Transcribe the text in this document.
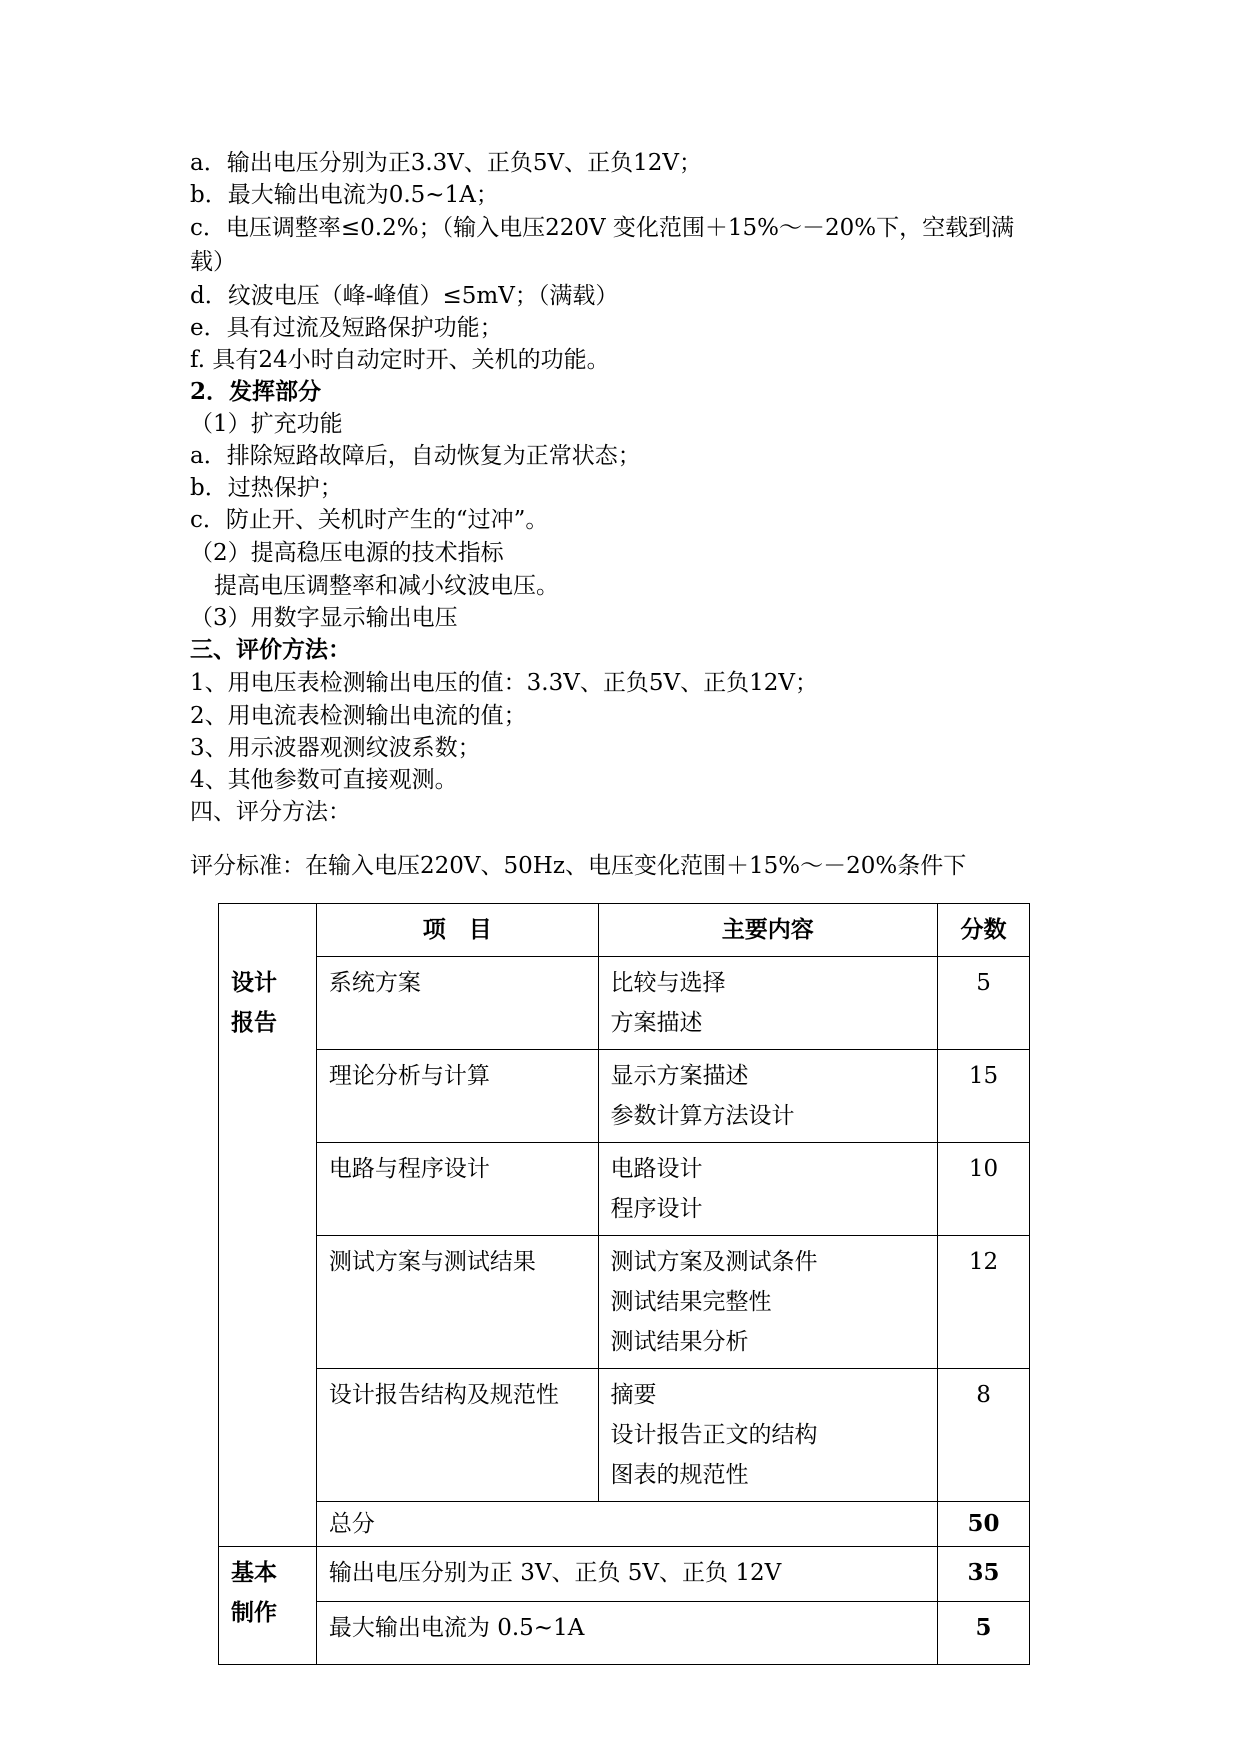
a．输出电压分别为正3.3V、正负5V、正负12V；
b．最大输出电流为0.5~1A；
c．电压调整率≤0.2%；（输入电压220V 变化范围＋15%～－20%下，空载到满
载）
d．纹波电压（峰-峰值）≤5mV；（满载）
e．具有过流及短路保护功能；
f. 具有24小时自动定时开、关机的功能。
2．发挥部分
（1）扩充功能
a．排除短路故障后，自动恢复为正常状态；
b．过热保护；
c．防止开、关机时产生的“过冲”。
（2）提高稳压电源的技术指标
提高电压调整率和减小纹波电压。
（3）用数字显示输出电压
三、评价方法：
1、用电压表检测输出电压的值：3.3V、正负5V、正负12V；
2、用电流表检测输出电流的值；
3、用示波器观测纹波系数；
4、其他参数可直接观测。
四、评分方法：
评分标准：在输入电压220V、50Hz、电压变化范围＋15%～－20%条件下
	项　目	主要内容	分数

设计
报告	系统方案	比较与选择
方案描述	5
	理论分析与计算	显示方案描述
参数计算方法设计	15
	电路与程序设计	电路设计
程序设计	10
	测试方案与测试结果	测试方案及测试条件
测试结果完整性
测试结果分析	12
	设计报告结构及规范性	摘要
设计报告正文的结构
图表的规范性	8
	总分		50

基本
制作	输出电压分别为正 3V、正负 5V、正负 12V		35
	最大输出电流为 0.5~1A		5
